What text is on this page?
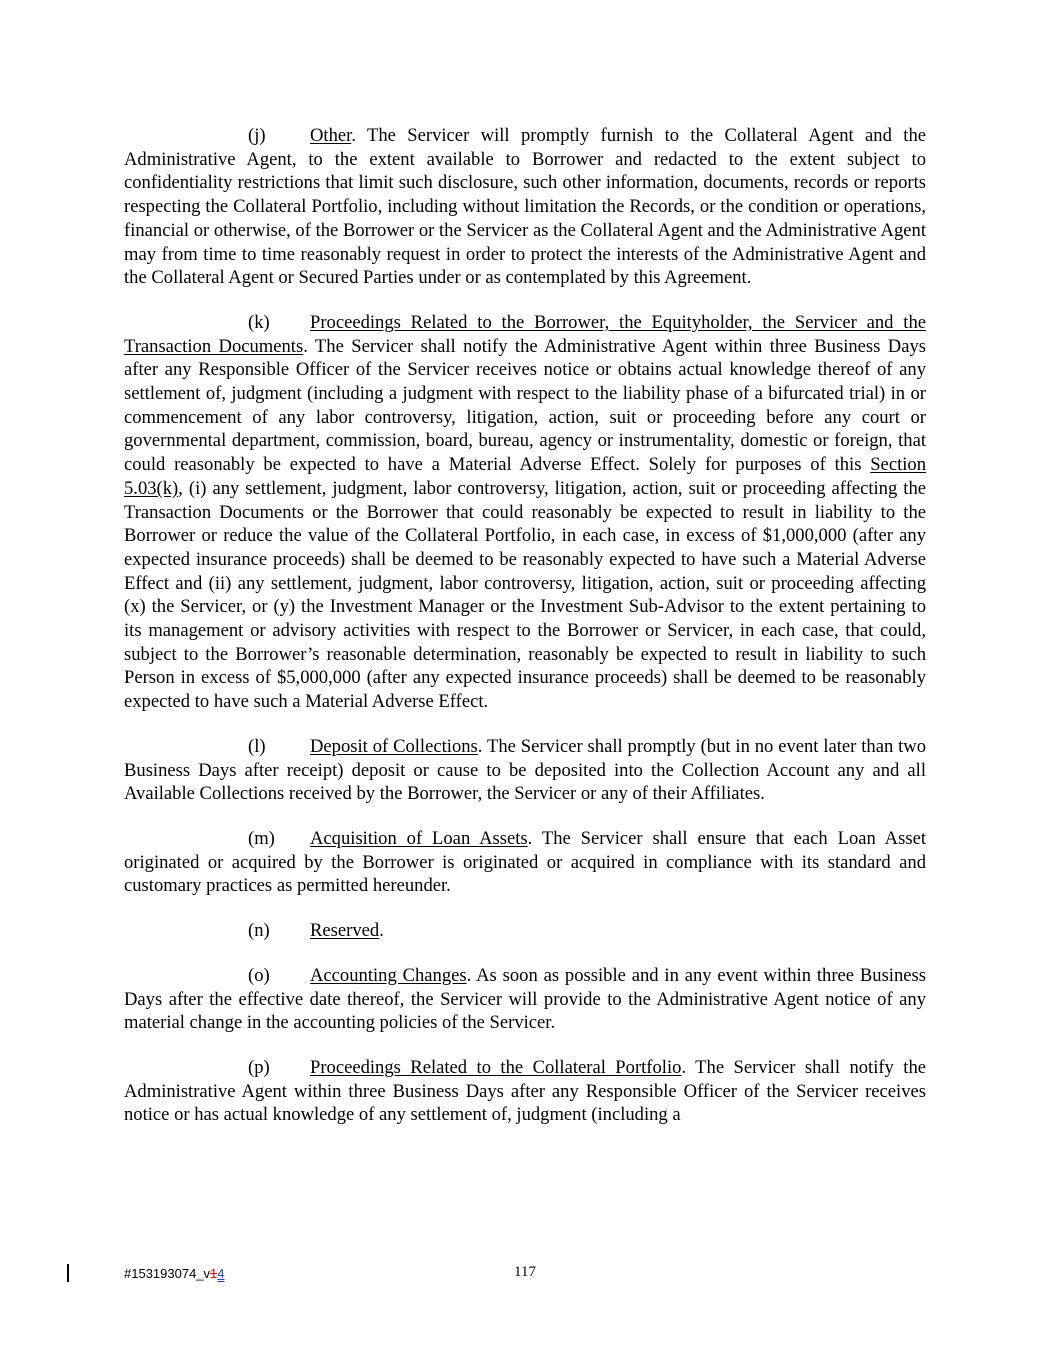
(j) Other. The Servicer will promptly furnish to the Collateral Agent and the Administrative Agent, to the extent available to Borrower and redacted to the extent subject to confidentiality restrictions that limit such disclosure, such other information, documents, records or reports respecting the Collateral Portfolio, including without limitation the Records, or the condition or operations, financial or otherwise, of the Borrower or the Servicer as the Collateral Agent and the Administrative Agent may from time to time reasonably request in order to protect the interests of the Administrative Agent and the Collateral Agent or Secured Parties under or as contemplated by this Agreement.

(k) Proceedings Related to the Borrower, the Equityholder, the Servicer and the Transaction Documents. The Servicer shall notify the Administrative Agent within three Business Days after any Responsible Officer of the Servicer receives notice or obtains actual knowledge thereof of any settlement of, judgment (including a judgment with respect to the liability phase of a bifurcated trial) in or commencement of any labor controversy, litigation, action, suit or proceeding before any court or governmental department, commission, board, bureau, agency or instrumentality, domestic or foreign, that could reasonably be expected to have a Material Adverse Effect. Solely for purposes of this Section 5.03(k), (i) any settlement, judgment, labor controversy, litigation, action, suit or proceeding affecting the Transaction Documents or the Borrower that could reasonably be expected to result in liability to the Borrower or reduce the value of the Collateral Portfolio, in each case, in excess of $1,000,000 (after any expected insurance proceeds) shall be deemed to be reasonably expected to have such a Material Adverse Effect and (ii) any settlement, judgment, labor controversy, litigation, action, suit or proceeding affecting (x) the Servicer, or (y) the Investment Manager or the Investment Sub-Advisor to the extent pertaining to its management or advisory activities with respect to the Borrower or Servicer, in each case, that could, subject to the Borrower’s reasonable determination, reasonably be expected to result in liability to such Person in excess of $5,000,000 (after any expected insurance proceeds) shall be deemed to be reasonably expected to have such a Material Adverse Effect.

(l) Deposit of Collections. The Servicer shall promptly (but in no event later than two Business Days after receipt) deposit or cause to be deposited into the Collection Account any and all Available Collections received by the Borrower, the Servicer or any of their Affiliates.

(m) Acquisition of Loan Assets. The Servicer shall ensure that each Loan Asset originated or acquired by the Borrower is originated or acquired in compliance with its standard and customary practices as permitted hereunder.

(n) Reserved.

(o) Accounting Changes. As soon as possible and in any event within three Business Days after the effective date thereof, the Servicer will provide to the Administrative Agent notice of any material change in the accounting policies of the Servicer.

(p) Proceedings Related to the Collateral Portfolio. The Servicer shall notify the Administrative Agent within three Business Days after any Responsible Officer of the Servicer receives notice or has actual knowledge of any settlement of, judgment (including a

#153193074_v14	117
